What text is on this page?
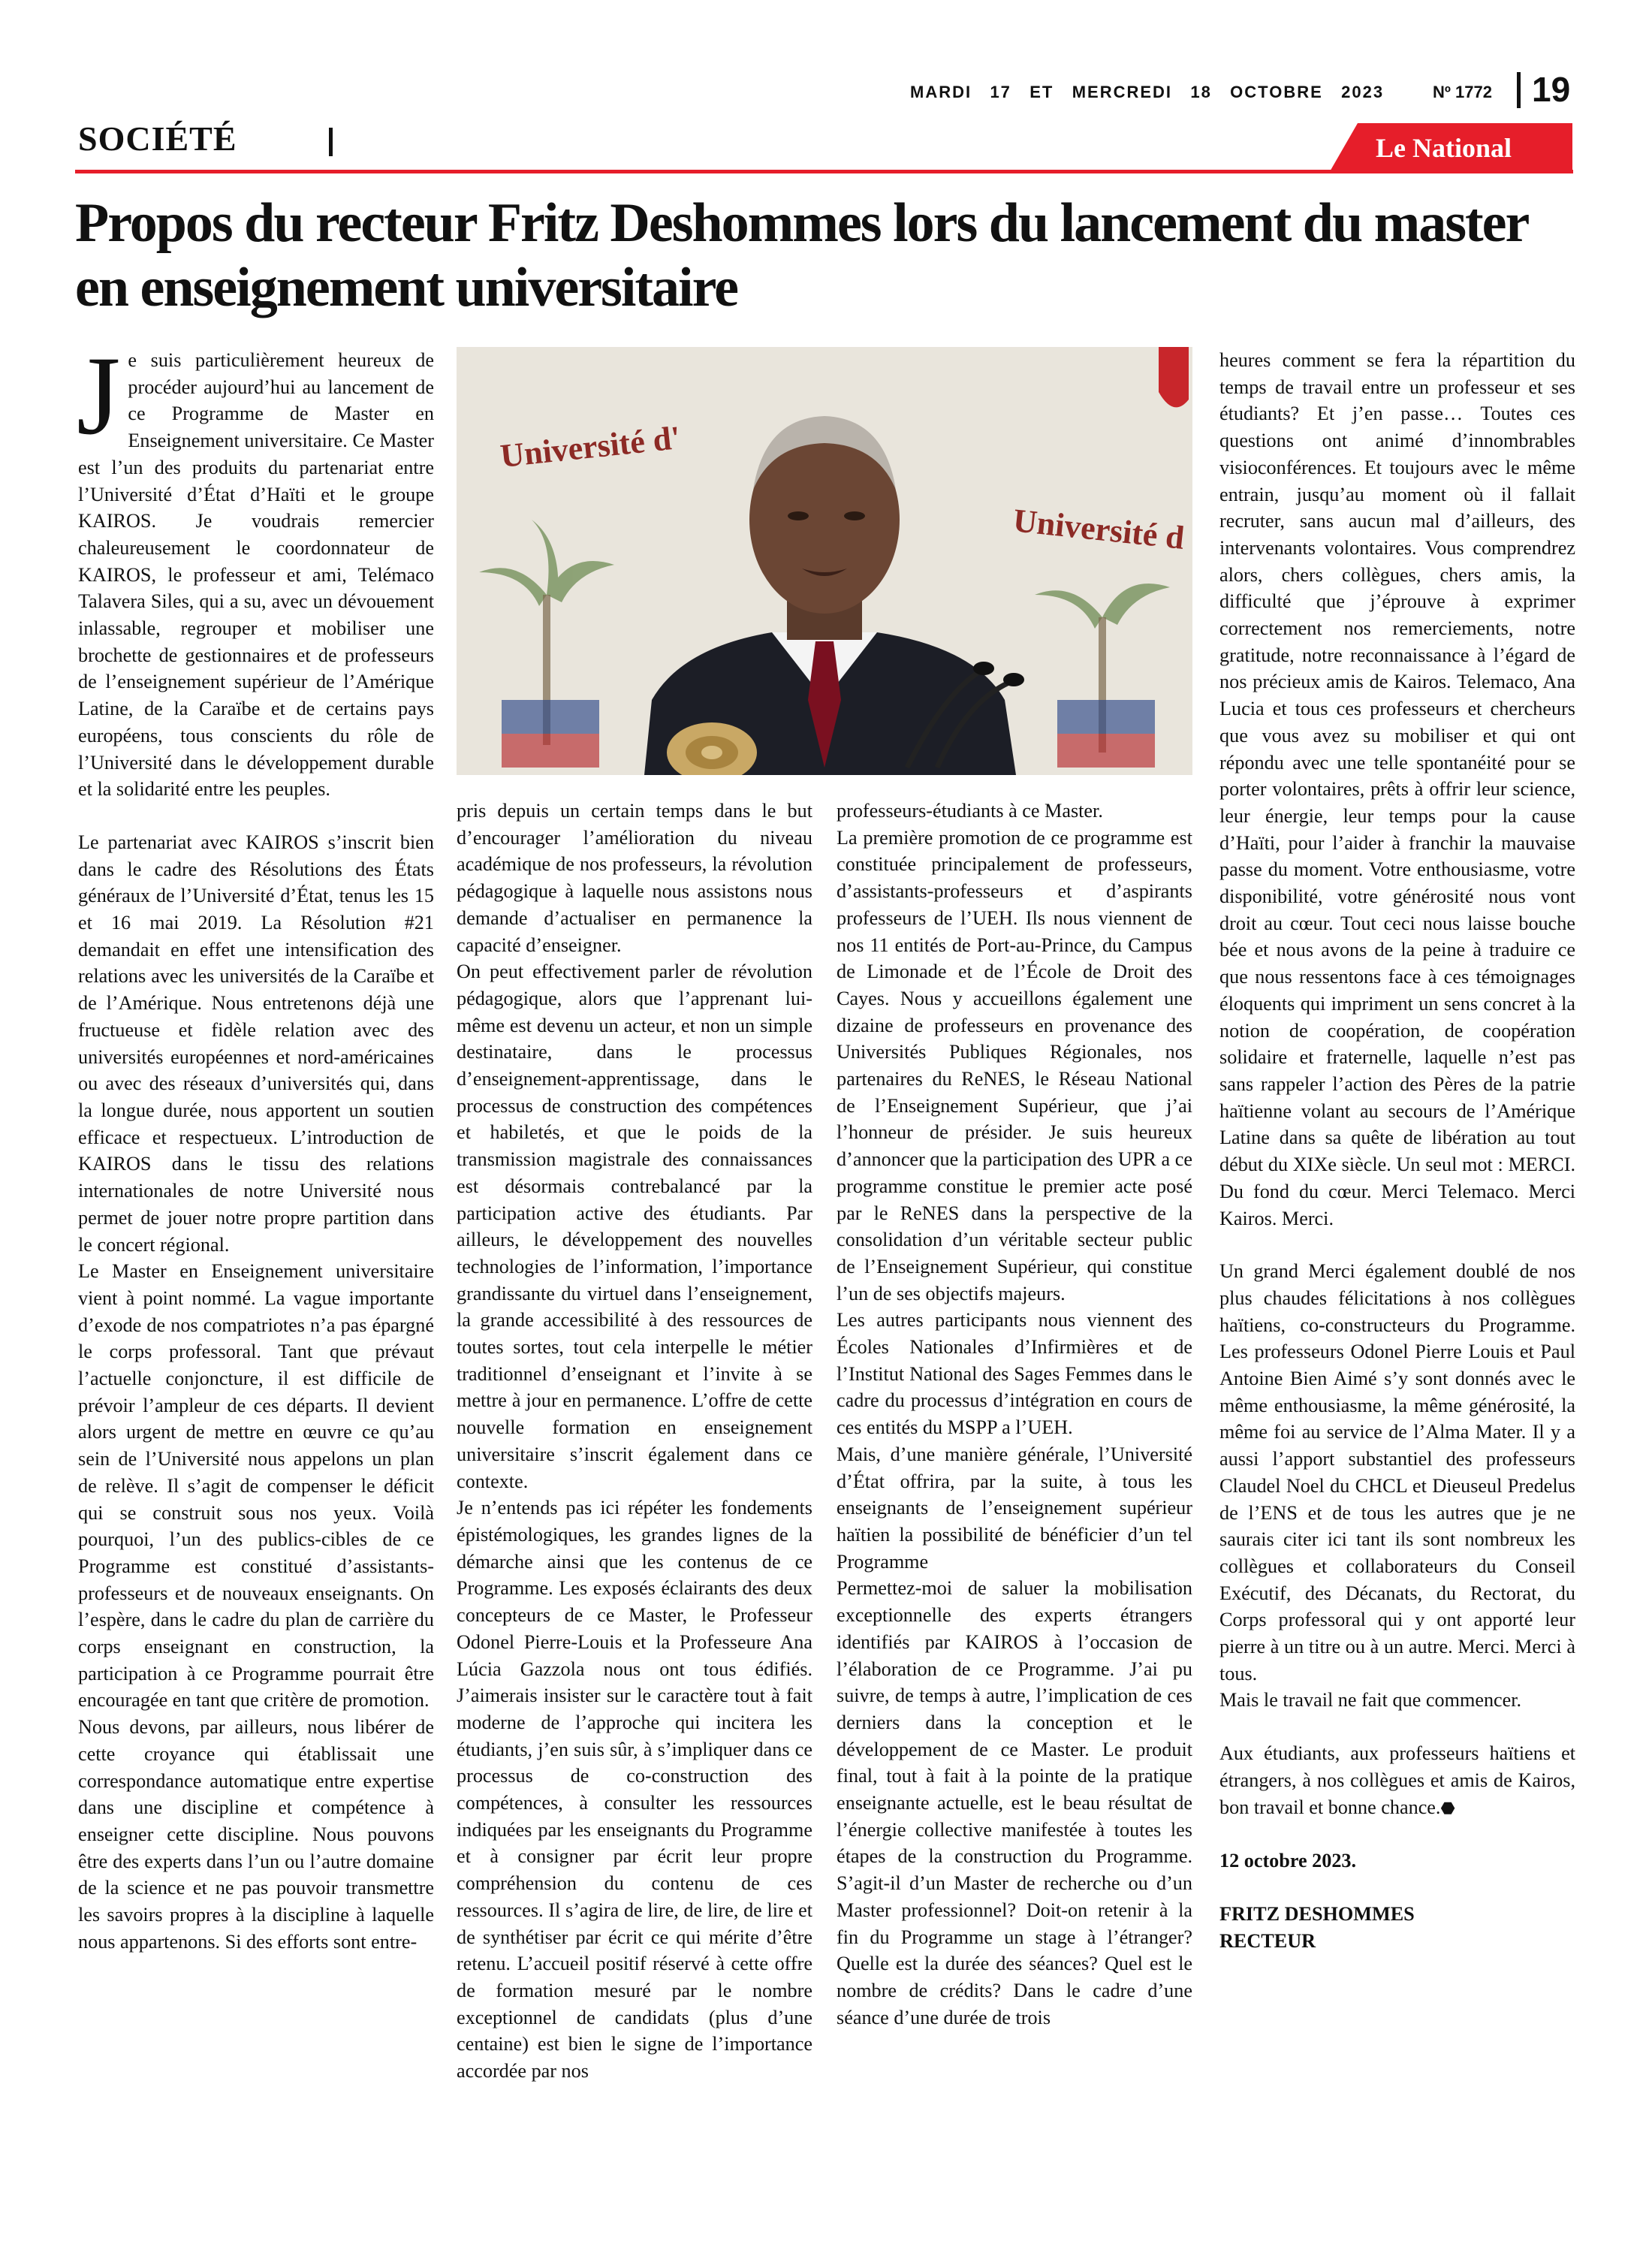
MARDI   17   ET   MERCREDI   18   OCTOBRE   2023	Nº 1772 19
SOCIÉTÉ	Le National
Propos du recteur Fritz Deshommes lors du lancement du master en enseignement universitaire

Je suis particulièrement heureux de procéder aujourd’hui au lancement de ce Programme de Master en Enseignement universitaire. Ce Master est l’un des produits du partenariat entre l’Université d’État d’Haïti et le groupe KAIROS. Je voudrais remercier chaleureusement le coordonnateur de KAIROS, le professeur et ami, Telémaco Talavera Siles, qui a su, avec un dévouement inlassable, regrouper et mobiliser une brochette de gestionnaires et de professeurs de l’enseignement supérieur de l’Amérique Latine, de la Caraïbe et de certains pays européens, tous conscients du rôle de l’Université dans le développement durable et la solidarité entre les peuples.

Le partenariat avec KAIROS s’inscrit bien dans le cadre des Résolutions des États généraux de l’Université d’État, tenus les 15 et 16 mai 2019. La Résolution #21 demandait en effet une intensification des relations avec les universités de la Caraïbe et de l’Amérique. Nous entretenons déjà une fructueuse et fidèle relation avec des universités européennes et nord-américaines ou avec des réseaux d’universités qui, dans la longue durée, nous apportent un soutien efficace et respectueux. L’introduction de KAIROS dans le tissu des relations internationales de notre Université nous permet de jouer notre propre partition dans le concert régional.

Le Master en Enseignement universitaire vient à point nommé. La vague importante d’exode de nos compatriotes n’a pas épargné le corps professoral. Tant que prévaut l’actuelle conjoncture, il est difficile de prévoir l’ampleur de ces départs. Il devient alors urgent de mettre en œuvre ce qu’au sein de l’Université nous appelons un plan de relève. Il s’agit de compenser le déficit qui se construit sous nos yeux. Voilà pourquoi, l’un des publics-cibles de ce Programme est constitué d’assistants-professeurs et de nouveaux enseignants. On l’espère, dans le cadre du plan de carrière du corps enseignant en construction, la participation à ce Programme pourrait être encouragée en tant que critère de promotion.

Nous devons, par ailleurs, nous libérer de cette croyance qui établissait une correspondance automatique entre expertise dans une discipline et compétence à enseigner cette discipline. Nous pouvons être des experts dans l’un ou l’autre domaine de la science et ne pas pouvoir transmettre les savoirs propres à la discipline à laquelle nous appartenons. Si des efforts sont entre-

Université d'
Université d

pris depuis un certain temps dans le but d’encourager l’amélioration du niveau académique de nos professeurs, la révolution pédagogique à laquelle nous assistons nous demande d’actualiser en permanence la capacité d’enseigner.

On peut effectivement parler de révolution pédagogique, alors que l’apprenant lui-même est devenu un acteur, et non un simple destinataire, dans le processus d’enseignement-apprentissage, dans le processus de construction des compétences et habiletés, et que le poids de la transmission magistrale des connaissances est désormais contrebalancé par la participation active des étudiants. Par ailleurs, le développement des nouvelles technologies de l’information, l’importance grandissante du virtuel dans l’enseignement, la grande accessibilité à des ressources de toutes sortes, tout cela interpelle le métier traditionnel d’enseignant et l’invite à se mettre à jour en permanence. L’offre de cette nouvelle formation en enseignement universitaire s’inscrit également dans ce contexte.

Je n’entends pas ici répéter les fondements épistémologiques, les grandes lignes de la démarche ainsi que les contenus de ce Programme. Les exposés éclairants des deux concepteurs de ce Master, le Professeur Odonel Pierre-Louis et la Professeure Ana Lúcia Gazzola nous ont tous édifiés. J’aimerais insister sur le caractère tout à fait moderne de l’approche qui incitera les étudiants, j’en suis sûr, à s’impliquer dans ce processus de co-construction des compétences, à consulter les ressources indiquées par les enseignants du Programme et à consigner par écrit leur propre compréhension du contenu de ces ressources. Il s’agira de lire, de lire, de lire et de synthétiser par écrit ce qui mérite d’être retenu. L’accueil positif réservé à cette offre de formation mesuré par le nombre exceptionnel de candidats (plus d’une centaine) est bien le signe de l’importance accordée par nos

professeurs-étudiants à ce Master.

La première promotion de ce programme est constituée principalement de professeurs, d’assistants-professeurs et d’aspirants professeurs de l’UEH. Ils nous viennent de nos 11 entités de Port-au-Prince, du Campus de Limonade et de l’École de Droit des Cayes. Nous y accueillons également une dizaine de professeurs en provenance des Universités Publiques Régionales, nos partenaires du ReNES, le Réseau National de l’Enseignement Supérieur, que j’ai l’honneur de présider. Je suis heureux d’annoncer que la participation des UPR a ce programme constitue le premier acte posé par le ReNES dans la perspective de la consolidation d’un véritable secteur public de l’Enseignement Supérieur, qui constitue l’un de ses objectifs majeurs.

Les autres participants nous viennent des Écoles Nationales d’Infirmières et de l’Institut National des Sages Femmes dans le cadre du processus d’intégration en cours de ces entités du MSPP a l’UEH.

Mais, d’une manière générale, l’Université d’État offrira, par la suite, à tous les enseignants de l’enseignement supérieur haïtien la possibilité de bénéficier d’un tel Programme

Permettez-moi de saluer la mobilisation exceptionnelle des experts étrangers identifiés par KAIROS à l’occasion de l’élaboration de ce Programme. J’ai pu suivre, de temps à autre, l’implication de ces derniers dans la conception et le développement de ce Master. Le produit final, tout à fait à la pointe de la pratique enseignante actuelle, est le beau résultat de l’énergie collective manifestée à toutes les étapes de la construction du Programme. S’agit-il d’un Master de recherche ou d’un Master professionnel? Doit-on retenir à la fin du Programme un stage à l’étranger? Quelle est la durée des séances? Quel est le nombre de crédits? Dans le cadre d’une séance d’une durée de trois

heures comment se fera la répartition du temps de travail entre un professeur et ses étudiants? Et j’en passe… Toutes ces questions ont animé d’innombrables visioconférences. Et toujours avec le même entrain, jusqu’au moment où il fallait recruter, sans aucun mal d’ailleurs, des intervenants volontaires. Vous comprendrez alors, chers collègues, chers amis, la difficulté que j’éprouve à exprimer correctement nos remerciements, notre gratitude, notre reconnaissance à l’égard de nos précieux amis de Kairos. Telemaco, Ana Lucia et tous ces professeurs et chercheurs que vous avez su mobiliser et qui ont répondu avec une telle spontanéité pour se porter volontaires, prêts à offrir leur science, leur énergie, leur temps pour la cause d’Haïti, pour l’aider à franchir la mauvaise passe du moment. Votre enthousiasme, votre disponibilité, votre générosité nous vont droit au cœur. Tout ceci nous laisse bouche bée et nous avons de la peine à traduire ce que nous ressentons face à ces témoignages éloquents qui impriment un sens concret à la notion de coopération, de coopération solidaire et fraternelle, laquelle n’est pas sans rappeler l’action des Pères de la patrie haïtienne volant au secours de l’Amérique Latine dans sa quête de libération au tout début du XIXe siècle. Un seul mot : MERCI. Du fond du cœur. Merci Telemaco. Merci Kairos. Merci.

Un grand Merci également doublé de nos plus chaudes félicitations à nos collègues haïtiens, co-constructeurs du Programme. Les professeurs Odonel Pierre Louis et Paul Antoine Bien Aimé s’y sont donnés avec le même enthousiasme, la même générosité, la même foi au service de l’Alma Mater. Il y a aussi l’apport substantiel des professeurs Claudel Noel du CHCL et Dieuseul Predelus de l’ENS et de tous les autres que je ne saurais citer ici tant ils sont nombreux les collègues et collaborateurs du Conseil Exécutif, des Décanats, du Rectorat, du Corps professoral qui y ont apporté leur pierre à un titre ou à un autre. Merci. Merci à tous.

Mais le travail ne fait que commencer.

Aux étudiants, aux professeurs haïtiens et étrangers, à nos collègues et amis de Kairos, bon travail et bonne chance.⬣

12 octobre 2023.

FRITZ DESHOMMES

RECTEUR
